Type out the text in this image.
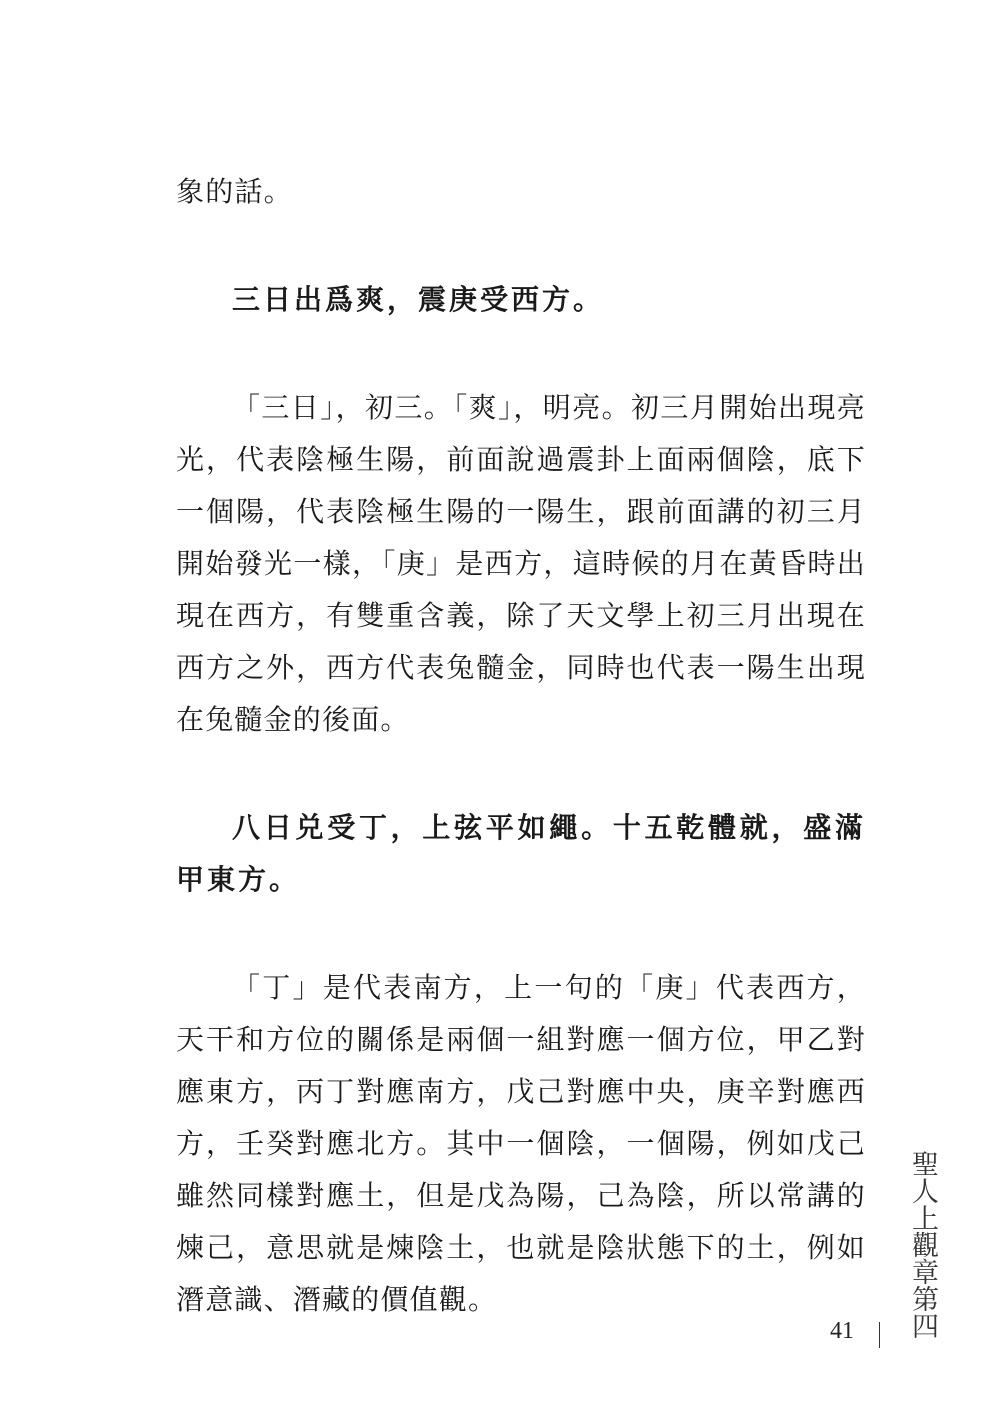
象的話。

三日出爲爽，震庚受西方。

「三日」，初三。「爽」，明亮。初三月開始出現亮光，代表陰極生陽，前面說過震卦上面兩個陰，底下一個陽，代表陰極生陽的一陽生，跟前面講的初三月開始發光一樣，「庚」是西方，這時候的月在黃昏時出現在西方，有雙重含義，除了天文學上初三月出現在西方之外，西方代表兔髓金，同時也代表一陽生出現在兔髓金的後面。

八日兑受丁，上弦平如繩。十五乾體就，盛滿甲東方。

「丁」是代表南方，上一句的「庚」代表西方，天干和方位的關係是兩個一組對應一個方位，甲乙對應東方，丙丁對應南方，戊己對應中央，庚辛對應西方，壬癸對應北方。其中一個陰，一個陽，例如戊己雖然同樣對應土，但是戊為陽，己為陰，所以常講的煉己，意思就是煉陰土，也就是陰狀態下的土，例如潛意識、潛藏的價值觀。	聖人上觀章第四
41
